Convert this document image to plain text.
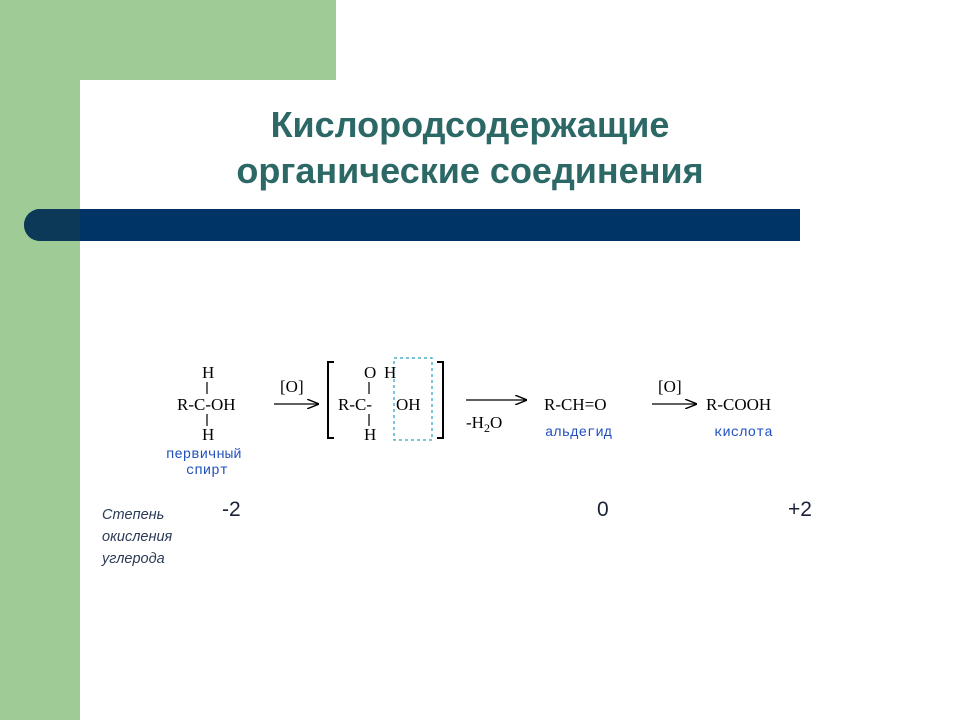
Кислородсодержащие
органические соединения
H
R-C-OH
H
первичный
спирт
[O]
O H
R-C- OH
H
$-H_2O$
R-CH=O
альдегид
[O]
R-COOH
кислота
Степень
окисления
углерода
-2	0	+2
